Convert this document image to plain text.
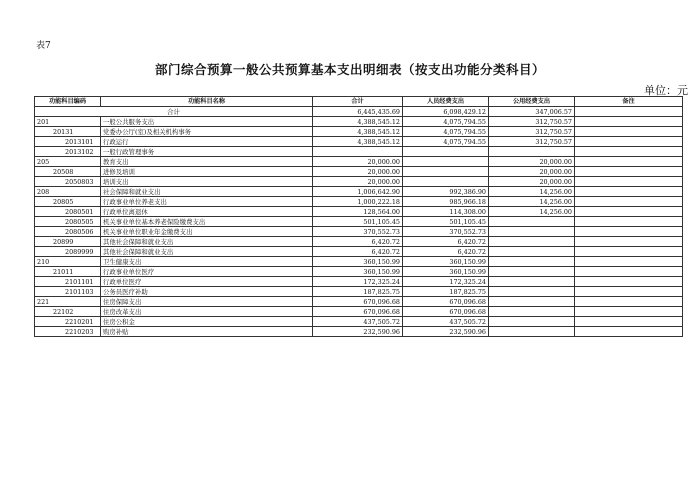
表7
部门综合预算一般公共预算基本支出明细表（按支出功能分类科目）
单位：元
功能科目编码	功能科目名称	合计	人员经费支出	公用经费支出	备注
合计		6,445,435.69	6,098,429.12	347,006.57	
201	一般公共服务支出	4,388,545.12	4,075,794.55	312,750.57	
20131	党委办公厅(室)及相关机构事务	4,388,545.12	4,075,794.55	312,750.57	
2013101	行政运行	4,388,545.12	4,075,794.55	312,750.57	
2013102	一般行政管理事务				
205	教育支出	20,000.00		20,000.00	
20508	进修及培训	20,000.00		20,000.00	
2050803	培训支出	20,000.00		20,000.00	
208	社会保障和就业支出	1,006,642.90	992,386.90	14,256.00	
20805	行政事业单位养老支出	1,000,222.18	985,966.18	14,256.00	
2080501	行政单位离退休	128,564.00	114,308.00	14,256.00	
2080505	机关事业单位基本养老保险缴费支出	501,105.45	501,105.45		
2080506	机关事业单位职业年金缴费支出	370,552.73	370,552.73		
20899	其他社会保障和就业支出	6,420.72	6,420.72		
2089999	其他社会保障和就业支出	6,420.72	6,420.72		
210	卫生健康支出	360,150.99	360,150.99		
21011	行政事业单位医疗	360,150.99	360,150.99		
2101101	行政单位医疗	172,325.24	172,325.24		
2101103	公务员医疗补助	187,825.75	187,825.75		
221	住房保障支出	670,096.68	670,096.68		
22102	住房改革支出	670,096.68	670,096.68		
2210201	住房公积金	437,505.72	437,505.72		
2210203	购房补贴	232,590.96	232,590.96		
